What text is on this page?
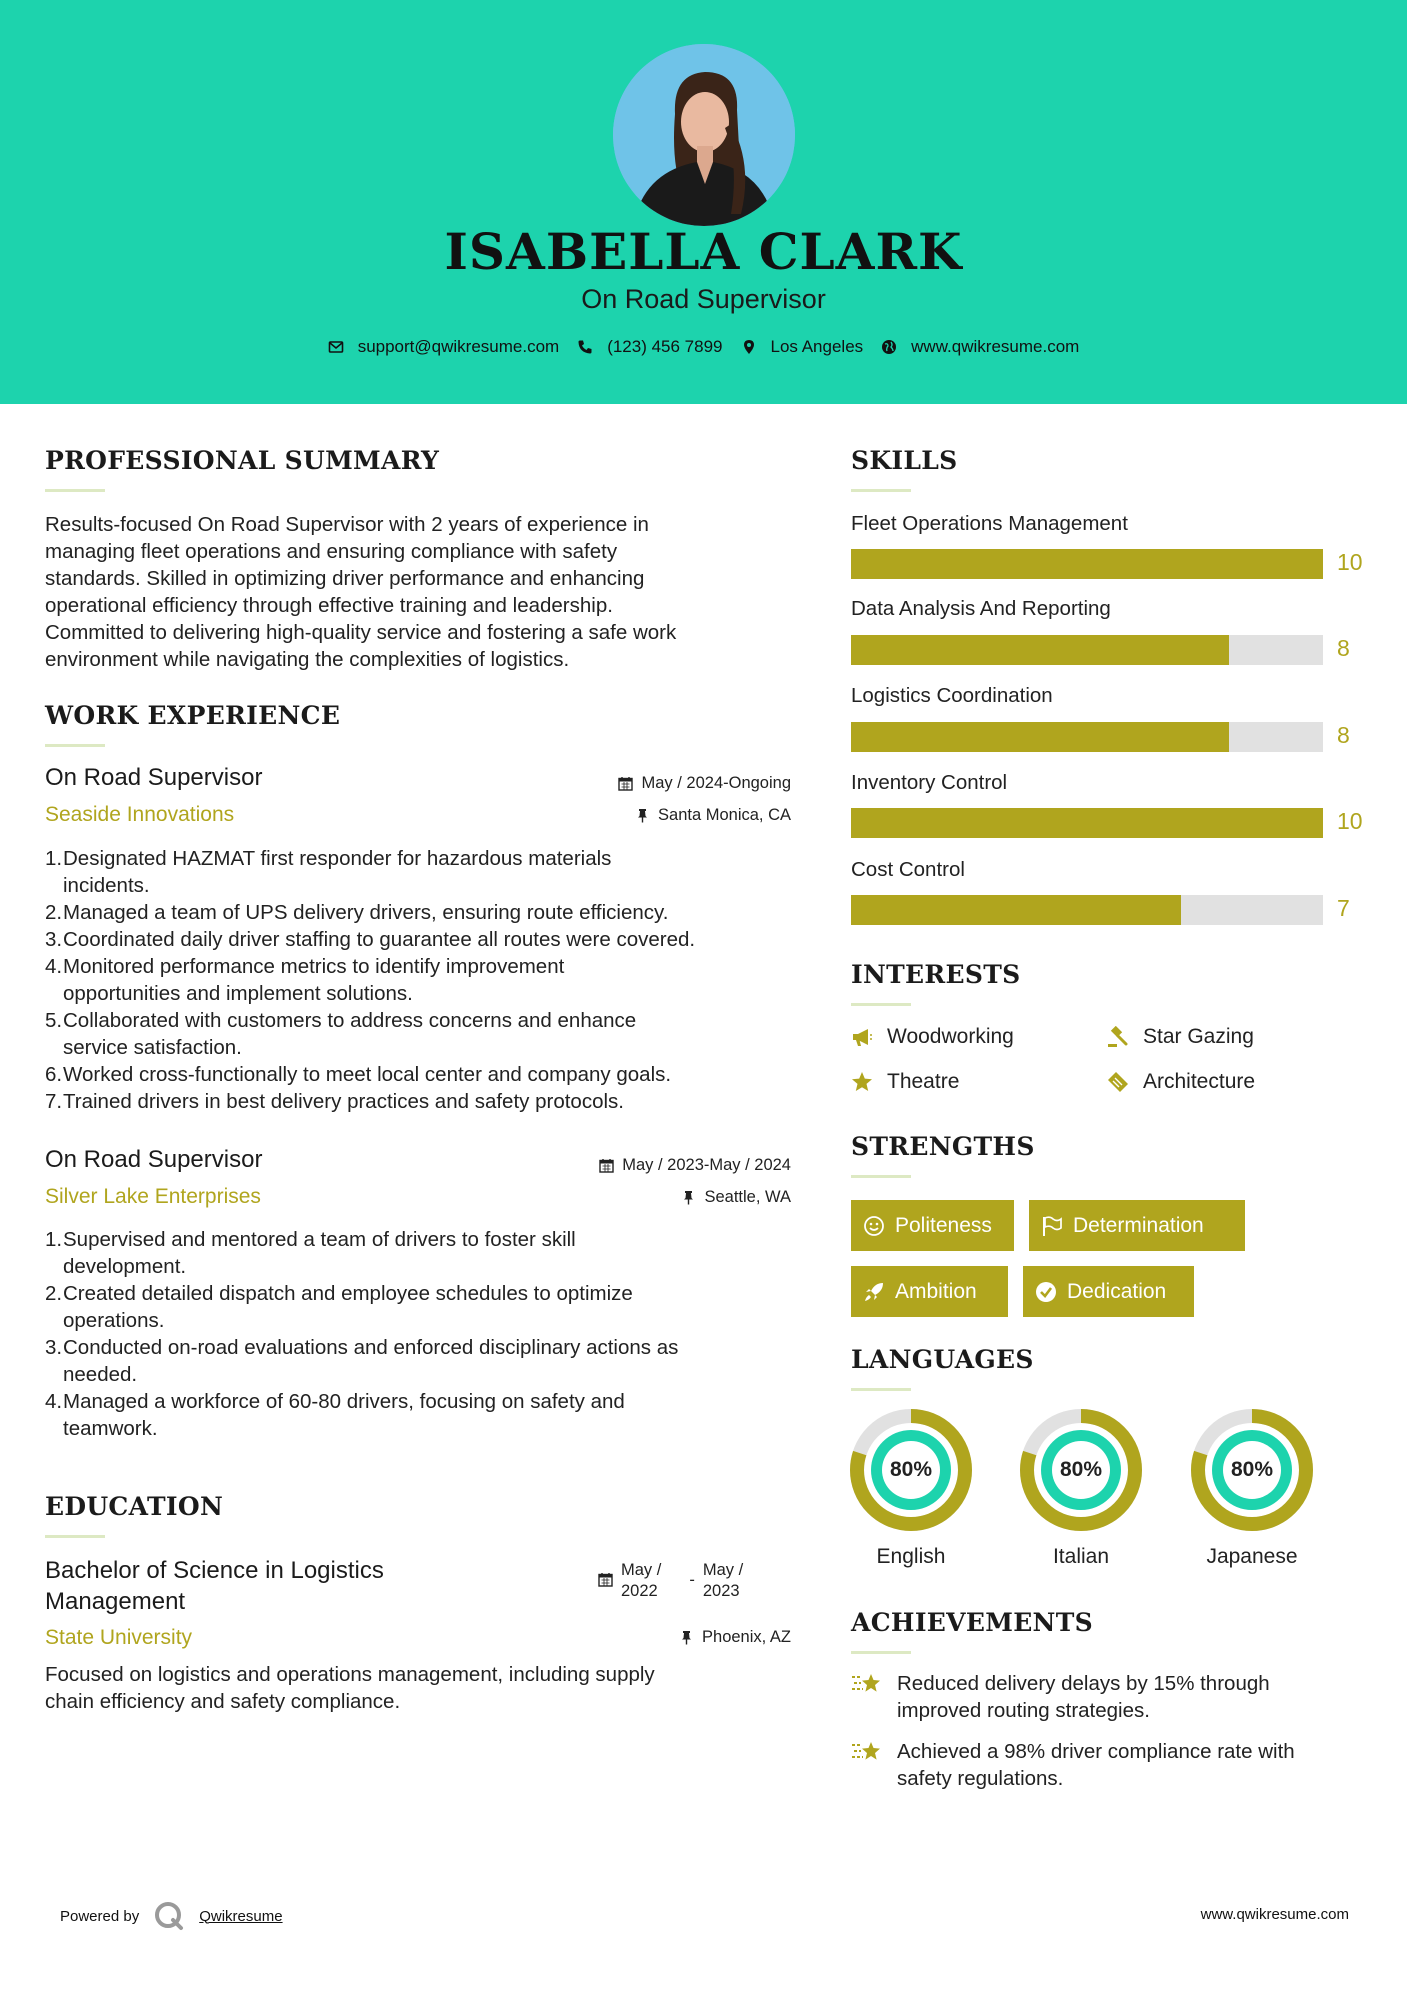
ISABELLA CLARK
On Road Supervisor
support@qwikresume.com	(123) 456 7899	Los Angeles	www.qwikresume.com
PROFESSIONAL SUMMARY
Results-focused On Road Supervisor with 2 years of experience in
managing fleet operations and ensuring compliance with safety
standards. Skilled in optimizing driver performance and enhancing
operational efficiency through effective training and leadership.
Committed to delivering high-quality service and fostering a safe work
environment while navigating the complexities of logistics.
WORK EXPERIENCE
On Road Supervisor	May / 2024-Ongoing
Seaside Innovations	Santa Monica, CA
1. Designated HAZMAT first responder for hazardous materials
incidents.
2. Managed a team of UPS delivery drivers, ensuring route efficiency.
3. Coordinated daily driver staffing to guarantee all routes were covered.
4. Monitored performance metrics to identify improvement
opportunities and implement solutions.
5. Collaborated with customers to address concerns and enhance
service satisfaction.
6. Worked cross-functionally to meet local center and company goals.
7. Trained drivers in best delivery practices and safety protocols.
On Road Supervisor	May / 2023-May / 2024
Silver Lake Enterprises	Seattle, WA
1. Supervised and mentored a team of drivers to foster skill
development.
2. Created detailed dispatch and employee schedules to optimize
operations.
3. Conducted on-road evaluations and enforced disciplinary actions as
needed.
4. Managed a workforce of 60-80 drivers, focusing on safety and
teamwork.
EDUCATION
Bachelor of Science in Logistics
Management
May /
2022
-
May /
2023
State University	Phoenix, AZ
Focused on logistics and operations management, including supply
chain efficiency and safety compliance.
SKILLS
Fleet Operations Management
10
Data Analysis And Reporting
8
Logistics Coordination
8
Inventory Control
10
Cost Control
7
INTERESTS
Woodworking	Star Gazing
Theatre	Architecture
STRENGTHS
Politeness	Determination
Ambition	Dedication
LANGUAGES
80%
English
80%
Italian
80%
Japanese
ACHIEVEMENTS
Reduced delivery delays by 15% through
improved routing strategies.
Achieved a 98% driver compliance rate with
safety regulations.
Powered by	Qwikresume	www.qwikresume.com
